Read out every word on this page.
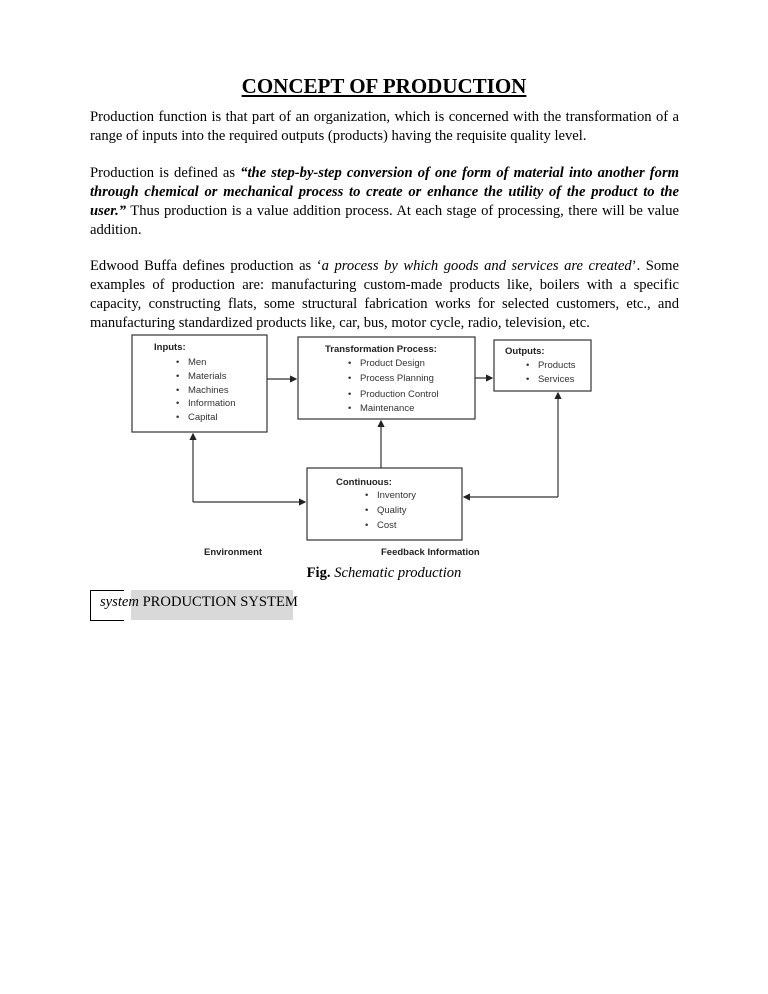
CONCEPT OF PRODUCTION
Production function is that part of an organization, which is concerned with the transformation of a range of inputs into the required outputs (products) having the requisite quality level.
Production is defined as “the step-by-step conversion of one form of material into another form through chemical or mechanical process to create or enhance the utility of the product to the user.” Thus production is a value addition process. At each stage of processing, there will be value addition.
Edwood Buffa defines production as ‘a process by which goods and services are created’. Some examples of production are: manufacturing custom-made products like, boilers with a specific capacity, constructing flats, some structural fabrication works for selected customers, etc., and manufacturing standardized products like, car, bus, motor cycle, radio, television, etc.
Inputs:
• Men
• Materials
• Machines
• Information
• Capital
Transformation Process:
• Product Design
• Process Planning
• Production Control
• Maintenance
Outputs:
• Products
• Services
Continuous:
• Inventory
• Quality
• Cost
Environment	Feedback Information
Fig. Schematic production
system PRODUCTION SYSTEM
